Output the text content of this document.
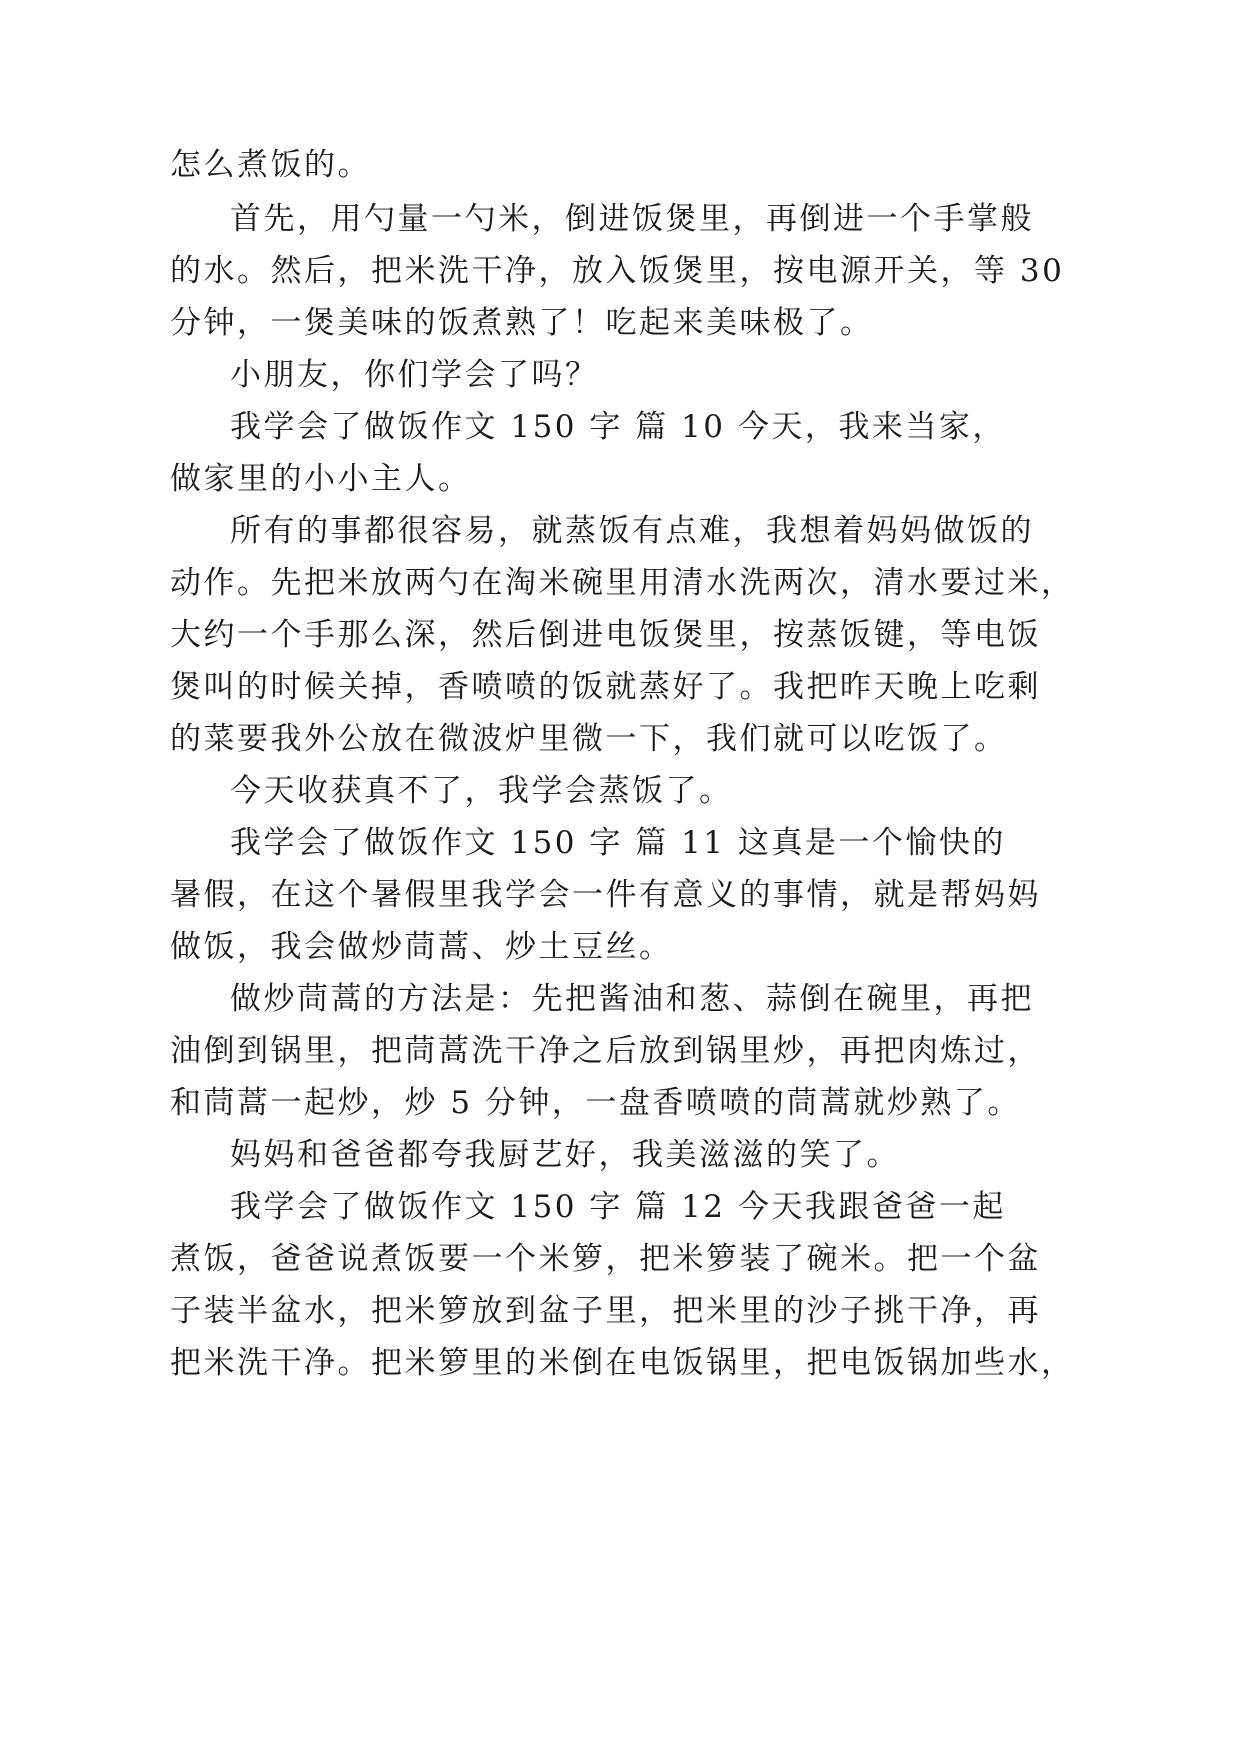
怎么煮饭的。
首先，用勺量一勺米，倒进饭煲里，再倒进一个手掌般
的水。然后，把米洗干净，放入饭煲里，按电源开关，等 30
分钟，一煲美味的饭煮熟了！吃起来美味极了。
小朋友，你们学会了吗？
我学会了做饭作文 150 字 篇 10 今天，我来当家，
做家里的小小主人。
所有的事都很容易，就蒸饭有点难，我想着妈妈做饭的
动作。先把米放两勺在淘米碗里用清水洗两次，清水要过米，
大约一个手那么深，然后倒进电饭煲里，按蒸饭键，等电饭
煲叫的时候关掉，香喷喷的饭就蒸好了。我把昨天晚上吃剩
的菜要我外公放在微波炉里微一下，我们就可以吃饭了。
今天收获真不了，我学会蒸饭了。
我学会了做饭作文 150 字 篇 11 这真是一个愉快的
暑假，在这个暑假里我学会一件有意义的事情，就是帮妈妈
做饭，我会做炒茼蒿、炒土豆丝。
做炒茼蒿的方法是：先把酱油和葱、蒜倒在碗里，再把
油倒到锅里，把茼蒿洗干净之后放到锅里炒，再把肉炼过，
和茼蒿一起炒，炒 5 分钟，一盘香喷喷的茼蒿就炒熟了。
妈妈和爸爸都夸我厨艺好，我美滋滋的笑了。
我学会了做饭作文 150 字 篇 12 今天我跟爸爸一起
煮饭，爸爸说煮饭要一个米箩，把米箩装了碗米。把一个盆
子装半盆水，把米箩放到盆子里，把米里的沙子挑干净，再
把米洗干净。把米箩里的米倒在电饭锅里，把电饭锅加些水，
